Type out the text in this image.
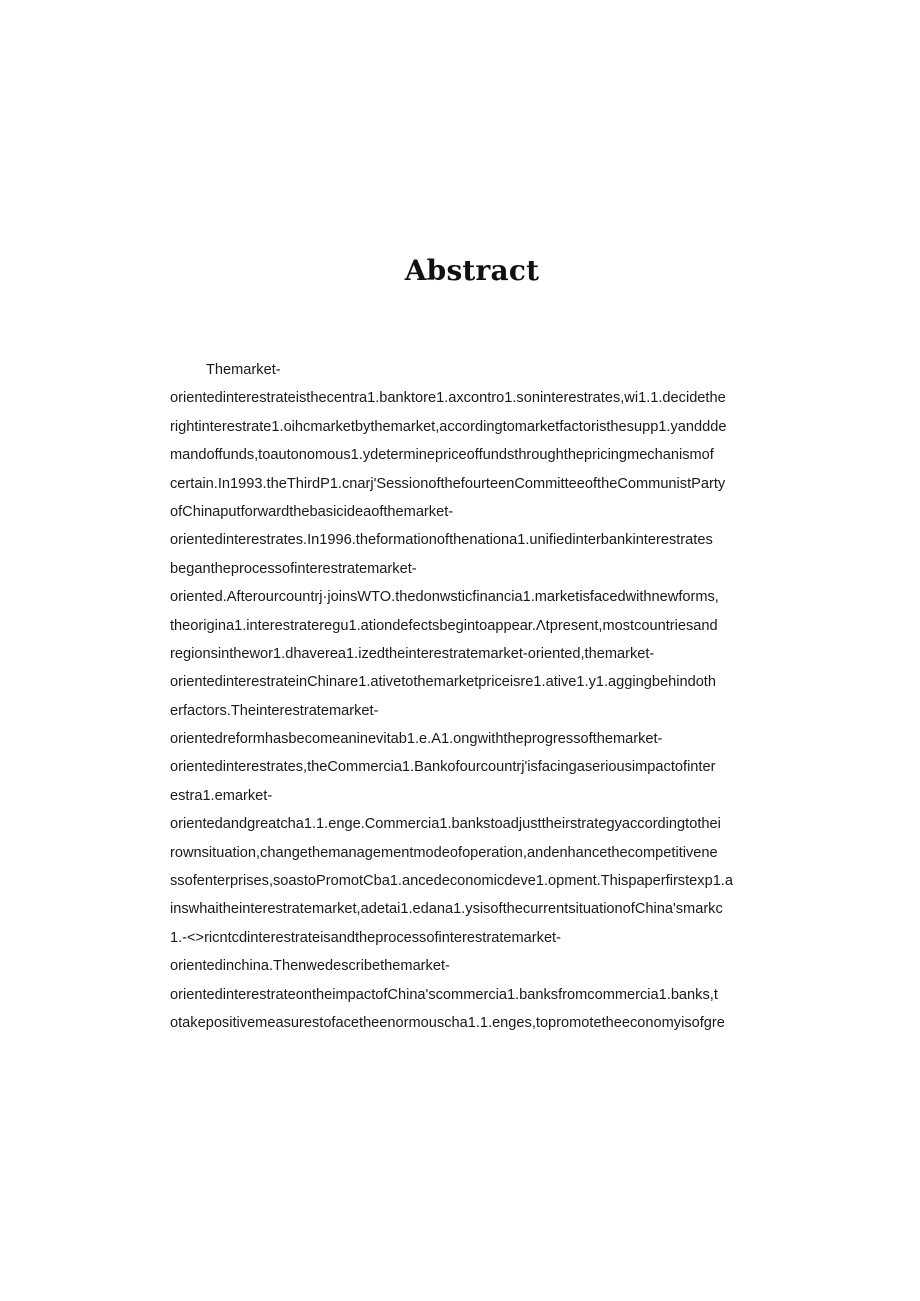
Abstract
Themarket-
orientedinterestrateisthecentra1.banktore1.axcontro1.soninterestrates,wi1.1.decidethe
rightinterestrate1.oihcmarketbythemarket,accordingtomarketfactoristhesupp1.yanddde
mandoffunds,toautonomous1.ydeterminepriceoffundsthroughthepricingmechanismof
certain.In1993.theThirdP1.cnarj'SessionofthefourteenCommitteeoftheCommunistParty
ofChinaputforwardthebasicideaofthemarket-
orientedinterestrates.In1996.theformationofthenationa1.unifiedinterbankinterestrates
begantheprocessofinterestratemarket-
oriented.Afterourcountrj·joinsWTO.thedonwsticfinancia1.marketisfacedwithnewforms,
theorigina1.interestrateregu1.ationdefectsbegintoappear.Λtpresent,mostcountriesand
regionsinthewor1.dhaverea1.izedtheinterestratemarket-oriented,themarket-
orientedinterestrateinChinare1.ativetothemarketpriceisre1.ative1.y1.aggingbehindoth
erfactors.Theinterestratemarket-
orientedreformhasbecomeaninevitab1.e.A1.ongwiththeprogressofthemarket-
orientedinterestrates,theCommercia1.Bankofourcountrj'isfacingaseriousimpactofinter
estra1.emarket-
orientedandgreatcha1.1.enge.Commercia1.bankstoadjusttheirstrategyaccordingtothei
rownsituation,changethemanagementmodeofoperation,andenhancethecompetitivene
ssofenterprises,soastoPromotCba1.ancedeconomicdeve1.opment.Thispaperfirstexp1.a
inswhaitheinterestratemarket,adetai1.edana1.ysisofthecurrentsituationofChina'smarkc
1.-<>ricntcdinterestrateisandtheprocessofinterestratemarket-
orientedinchina.Thenwedescribethemarket-
orientedinterestrateontheimpactofChina'scommercia1.banksfromcommercia1.banks,t
otakepositivemeasurestofacetheenormouscha1.1.enges,topromotetheeconomyisofgre
